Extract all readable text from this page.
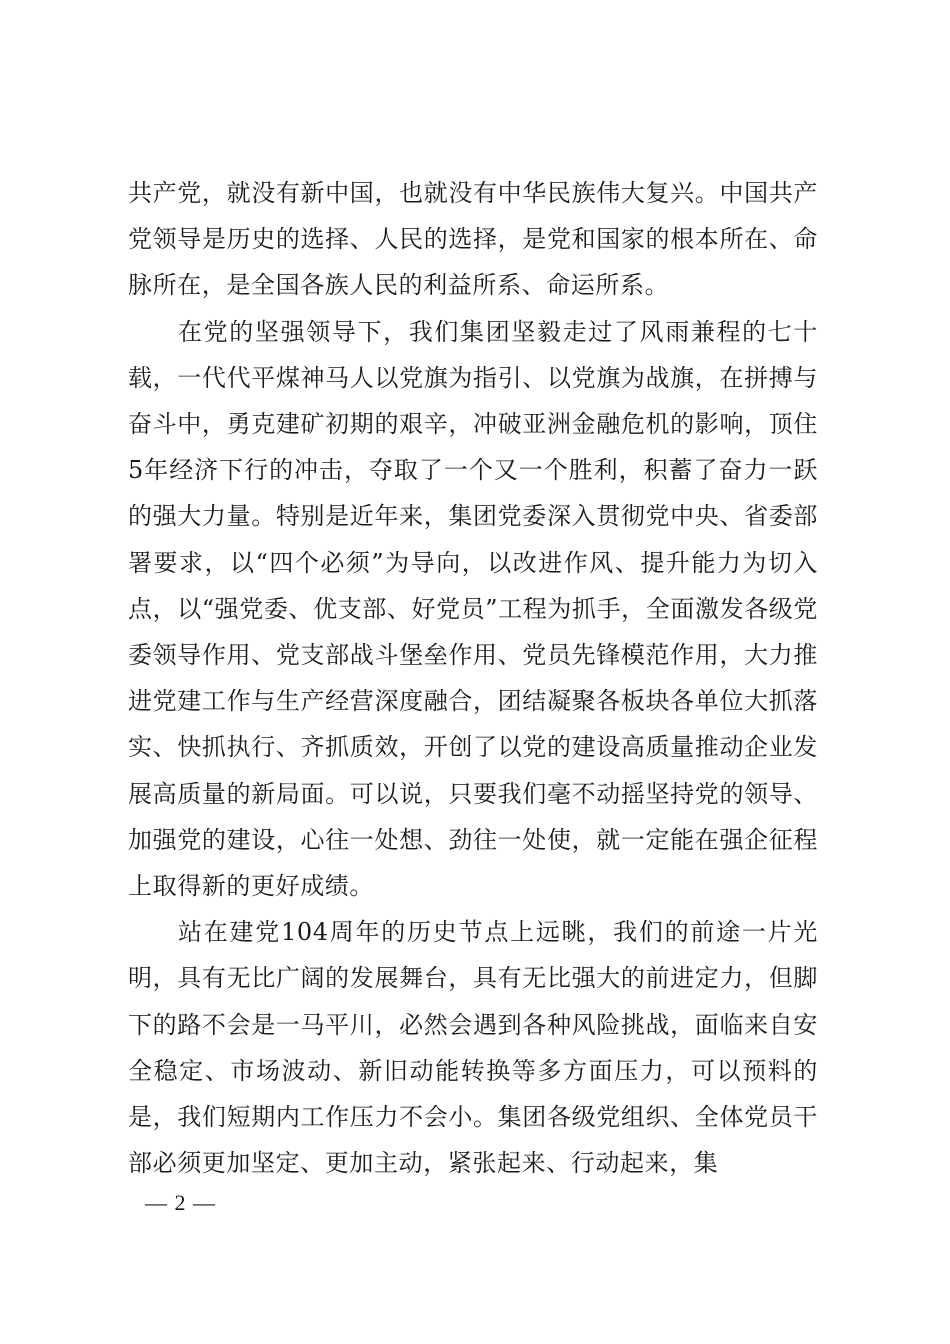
共产党，就没有新中国，也就没有中华民族伟大复兴。中国共产党领导是历史的选择、人民的选择，是党和国家的根本所在、命脉所在，是全国各族人民的利益所系、命运所系。

在党的坚强领导下，我们集团坚毅走过了风雨兼程的七十载，一代代平煤神马人以党旗为指引、以党旗为战旗，在拼搏与奋斗中，勇克建矿初期的艰辛，冲破亚洲金融危机的影响，顶住5年经济下行的冲击，夺取了一个又一个胜利，积蓄了奋力一跃的强大力量。特别是近年来，集团党委深入贯彻党中央、省委部署要求，以“四个必须”为导向，以改进作风、提升能力为切入点，以“强党委、优支部、好党员”工程为抓手，全面激发各级党委领导作用、党支部战斗堡垒作用、党员先锋模范作用，大力推进党建工作与生产经营深度融合，团结凝聚各板块各单位大抓落实、快抓执行、齐抓质效，开创了以党的建设高质量推动企业发展高质量的新局面。可以说，只要我们毫不动摇坚持党的领导、加强党的建设，心往一处想、劲往一处使，就一定能在强企征程上取得新的更好成绩。

站在建党104周年的历史节点上远眺，我们的前途一片光明，具有无比广阔的发展舞台，具有无比强大的前进定力，但脚下的路不会是一马平川，必然会遇到各种风险挑战，面临来自安全稳定、市场波动、新旧动能转换等多方面压力，可以预料的是，我们短期内工作压力不会小。集团各级党组织、全体党员干部必须更加坚定、更加主动，紧张起来、行动起来，集

— 2 —
